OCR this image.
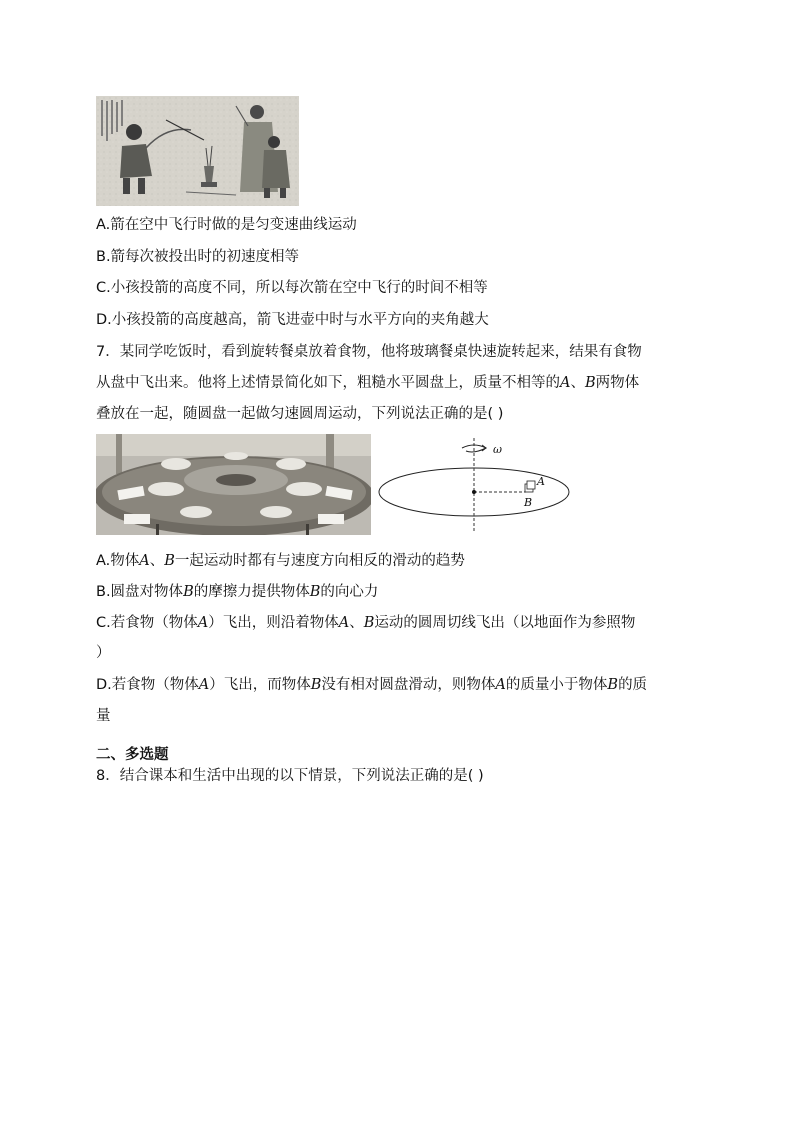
A.箭在空中飞行时做的是匀变速曲线运动
B.箭每次被投出时的初速度相等
C.小孩投箭的高度不同，所以每次箭在空中飞行的时间不相等
D.小孩投箭的高度越高，箭飞进壶中时与水平方向的夹角越大
7．某同学吃饭时，看到旋转餐桌放着食物，他将玻璃餐桌快速旋转起来，结果有食物
从盘中飞出来。他将上述情景简化如下，粗糙水平圆盘上，质量不相等的A、B两物体
叠放在一起，随圆盘一起做匀速圆周运动，下列说法正确的是( )
ω
A
B
A.物体A、B一起运动时都有与速度方向相反的滑动的趋势
B.圆盘对物体B的摩擦力提供物体B的向心力
C.若食物（物体A）飞出，则沿着物体A、B运动的圆周切线飞出（以地面作为参照物
）
D.若食物（物体A）飞出，而物体B没有相对圆盘滑动，则物体A的质量小于物体B的质
量
二、多选题
8．结合课本和生活中出现的以下情景，下列说法正确的是( )
